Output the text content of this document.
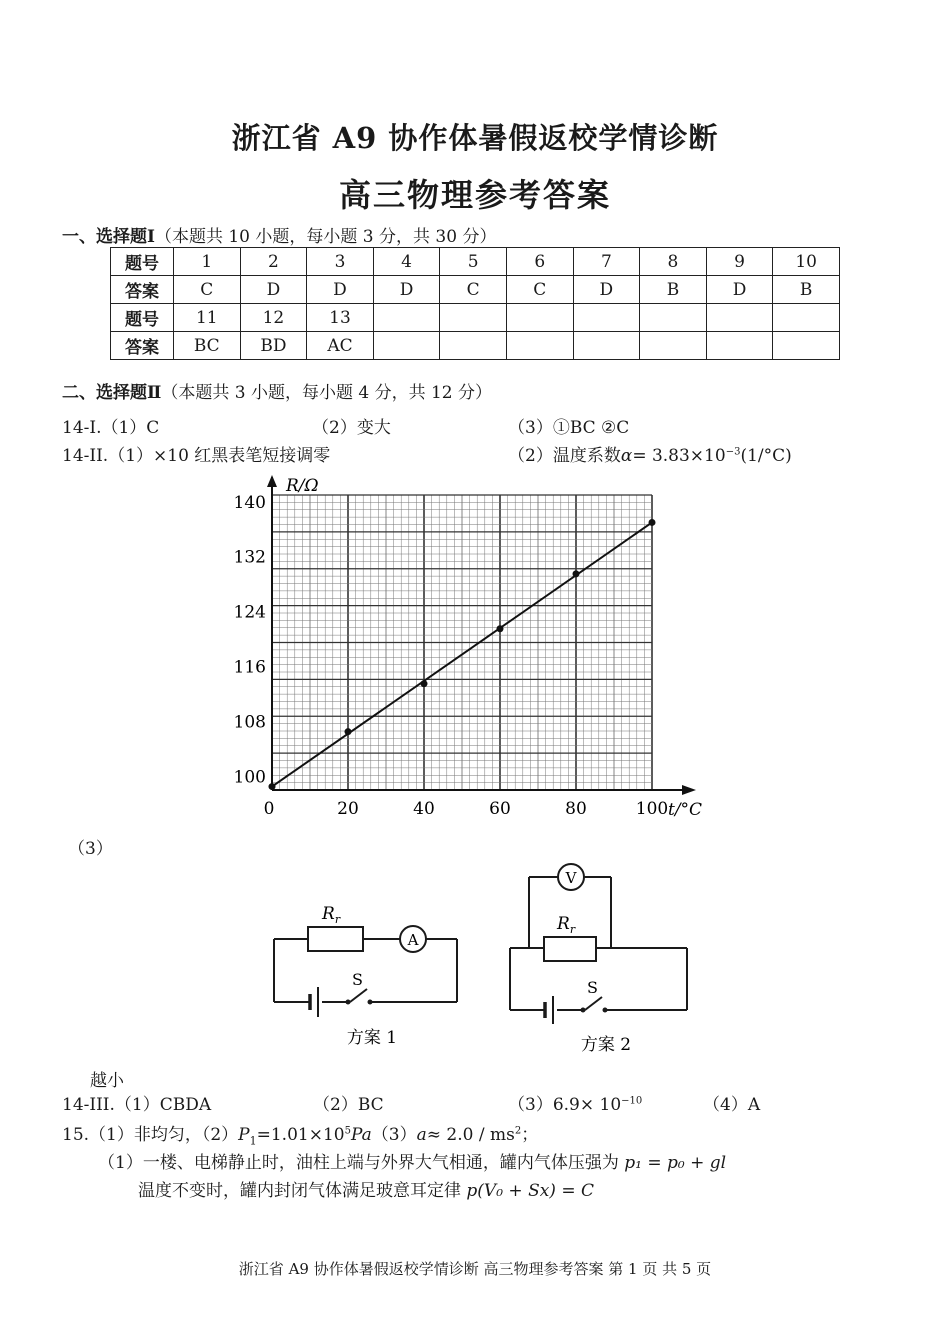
浙江省 A9 协作体暑假返校学情诊断
高三物理参考答案
一、选择题Ⅰ（本题共 10 小题，每小题 3 分，共 30 分）
题号	1	2	3	4	5	6	7	8	9	10
答案	C	D	D	D	C	C	D	B	D	B
题号	11	12	13							
答案	BC	BD	AC							
二、选择题Ⅱ（本题共 3 小题，每小题 4 分，共 12 分）
14-I.（1）C	（2）变大	（3）①BC ②C
14-II.（1）×10 红黑表笔短接调零	（2）温度系数$\alpha= 3.83\times 10^{-3}(1/^\circ C)$
100
108
116
124
132
140
0	20	40	60	80	100
R/Ω
t/°C
（3）
$R_r$
A
S
方案 1
$R_r$
V
S
方案 2
越小
14-III.（1）CBDA	（2）BC	$(3)6.9\times 10^{-10}$	（4）A
15.（1）非均匀，$(2)P_1=1.01\times 10^5Pa(3)a\approx 2.0 / ms^2$；
（1）一楼、电梯静止时，油柱上端与外界大气相通，罐内气体压强为 p₁ = p₀ + gl
温度不变时，罐内封闭气体满足玻意耳定律 p(V₀ + Sx) = C
浙江省 A9 协作体暑假返校学情诊断 高三物理参考答案 第 1 页 共 5 页
